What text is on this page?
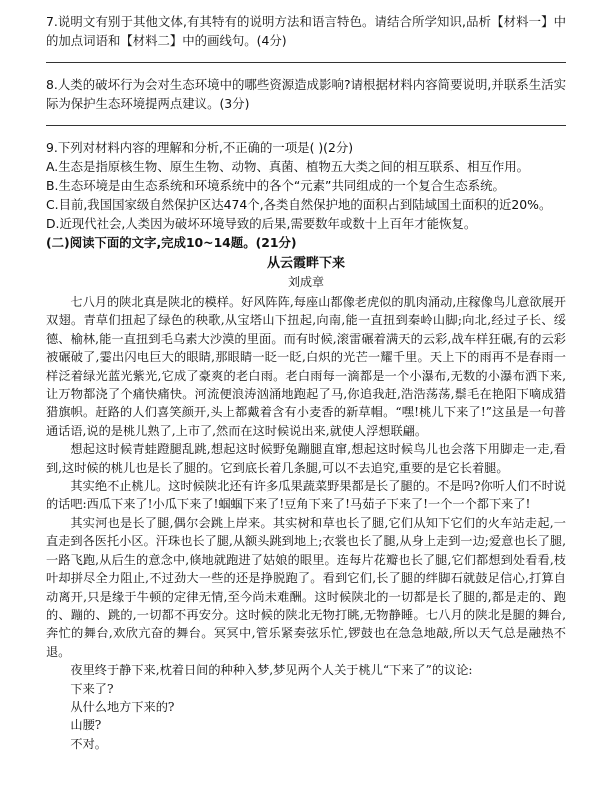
7.说明文有别于其他文体,有其特有的说明方法和语言特色。请结合所学知识,品析【材料一】中的加点词语和【材料二】中的画线句。(4分)

8.人类的破坏行为会对生态环境中的哪些资源造成影响?请根据材料内容简要说明,并联系生活实际为保护生态环境提两点建议。(3分)

9.下列对材料内容的理解和分析,不正确的一项是( )(2分)

A.生态是指原核生物、原生生物、动物、真菌、植物五大类之间的相互联系、相互作用。

B.生态环境是由生态系统和环境系统中的各个“元素”共同组成的一个复合生态系统。

C.目前,我国国家级自然保护区达474个,各类自然保护地的面积占到陆域国土面积的近20%。

D.近现代社会,人类因为破坏环境导致的后果,需要数年或数十上百年才能恢复。

(二)阅读下面的文字,完成10~14题。(21分)

从云霞畔下来

刘成章

七八月的陕北真是陕北的模样。好风阵阵,每座山都像老虎似的肌肉涌动,庄稼像鸟儿意欲展开双翅。青草们扭起了绿色的秧歌,从宝塔山下扭起,向南,能一直扭到秦岭山脚;向北,经过子长、绥德、榆林,能一直扭到毛乌素大沙漠的里面。而有时候,滚雷碾着满天的云彩,战车样狂碾,有的云彩被碾破了,霎出闪电巨大的眼睛,那眼睛一眨一眨,白炽的光芒一耀千里。天上下的雨再不是春雨一样泛着绿光蓝光紫光,它成了豪爽的老白雨。老白雨每一滴都是一个小瀑布,无数的小瀑布洒下来,让万物都浇了个痛快痛快。河流便浪涛汹涌地跑起了马,你追我赶,浩浩荡荡,鬃毛在艳阳下嘀成猎猎旗帜。赶路的人们喜笑颜开,头上都戴着含有小麦香的新草帽。“嘿!桃儿下来了!”这虽是一句普通话语,说的是桃儿熟了,上市了,然而在这时候说出来,就使人浮想联翩。

想起这时候青蛙蹬腿乱跳,想起这时候野兔蹦腿直窜,想起这时候鸟儿也会落下用脚走一走,看到,这时候的桃儿也是长了腿的。它到底长着几条腿,可以不去追究,重要的是它长着腿。

其实绝不止桃儿。这时候陕北还有许多瓜果蔬菜野果都是长了腿的。不是吗?你听人们不时说的话吧:西瓜下来了!小瓜下来了!蝈蝈下来了!豆角下来了!马茹子下来了!一个一个都下来了!

其实河也是长了腿,偶尔会跳上岸来。其实树和草也长了腿,它们从知下它们的火车站走起,一直走到各医托小区。汗珠也长了腿,从额头跳到地上;衣裳也长了腿,从身上走到一边;爱意也长了腿,一路飞跑,从后生的意念中,倏地就跑进了姑娘的眼里。连每片花瓣也长了腿,它们都想到处看看,枝叶却拼尽全力阻止,不过劲大一些的还是挣脱跑了。看到它们,长了腿的绊脚石就鼓足信心,打算自动离开,只是缘于牛顿的定律无情,至今尚未难酬。这时候陕北的一切都是长了腿的,都是走的、跑的、蹦的、跳的,一切都不再安分。这时候的陕北无物打眺,无物静睡。七八月的陕北是腿的舞台,奔忙的舞台,欢欣亢奋的舞台。冥冥中,管乐紧奏弦乐忙,锣鼓也在急急地敲,所以天气总是融热不退。

夜里终于静下来,枕着日间的种种入梦,梦见两个人关于桃儿“下来了”的议论:

下来了?

从什么地方下来的?

山腰?

不对。
